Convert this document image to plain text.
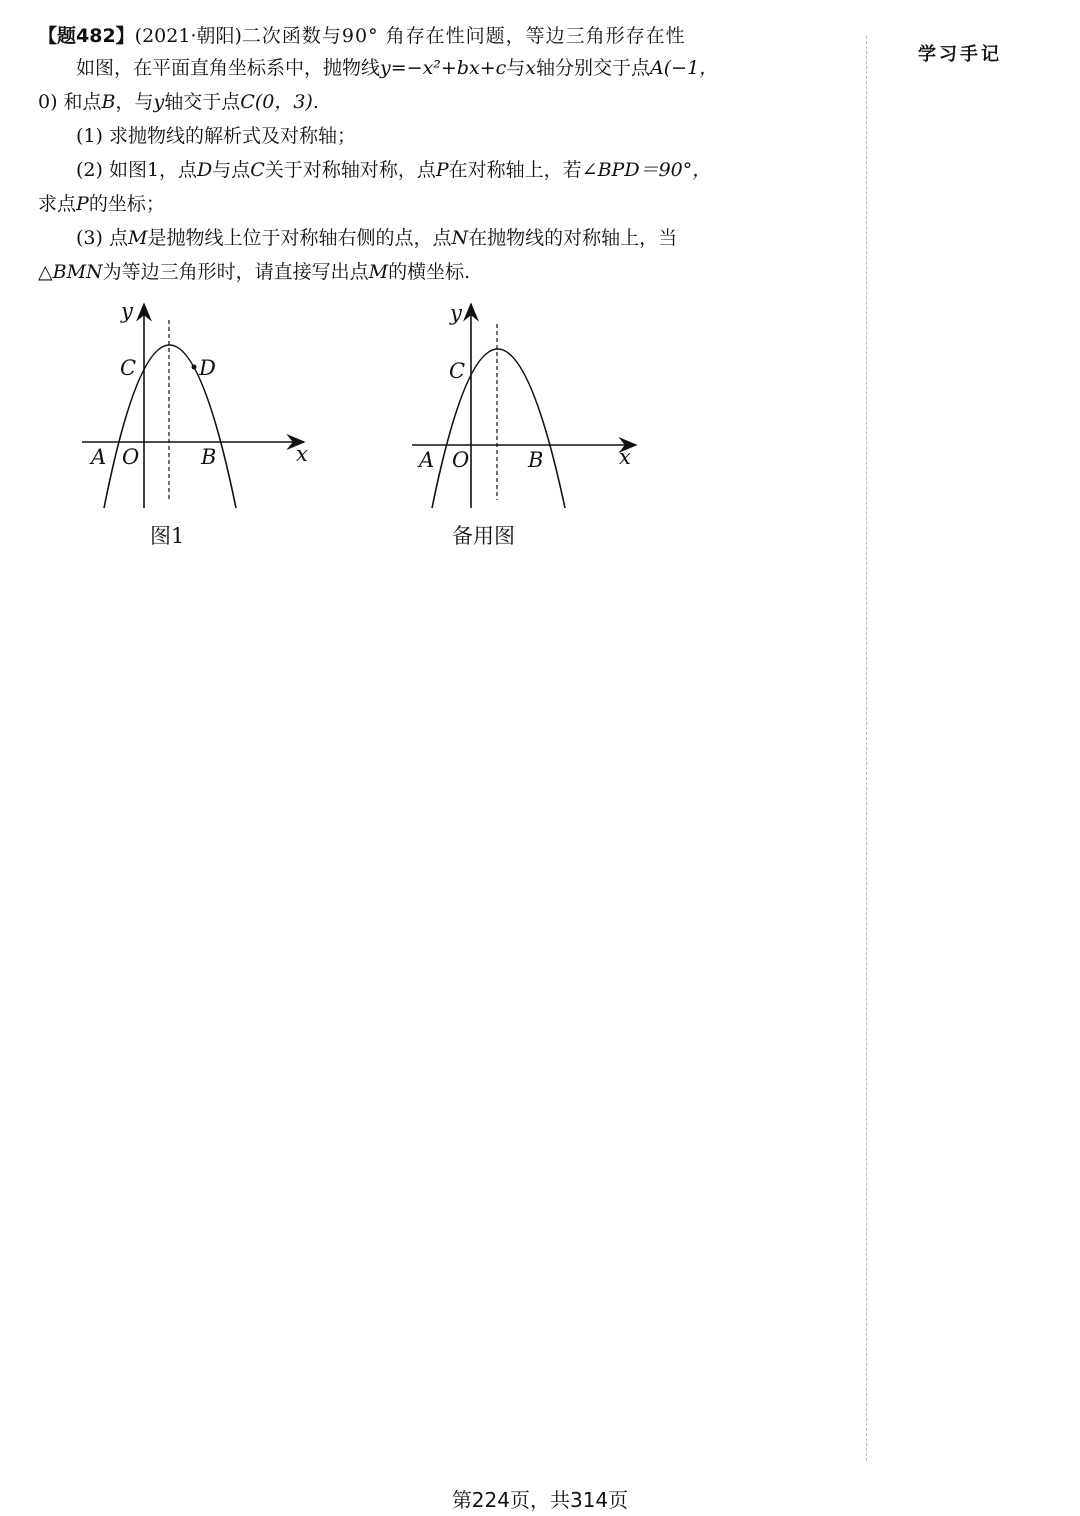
【题482】(2021·朝阳)二次函数与90° 角存在性问题，等边三角形存在性

如图，在平面直角坐标系中，抛物线y=−x²+bx+c与x轴分别交于点A(−1，

0) 和点B，与y轴交于点C(0，3).

(1) 求抛物线的解析式及对称轴；

(2) 如图1，点D与点C关于对称轴对称，点P在对称轴上，若∠BPD＝90°，

求点P的坐标；

(3) 点M是抛物线上位于对称轴右侧的点，点N在抛物线的对称轴上，当

△BMN为等边三角形时，请直接写出点M的横坐标.

y
x
C	D
A O	B
图1
y
x
C
A O	B
备用图
学习手记
第224页，共314页
